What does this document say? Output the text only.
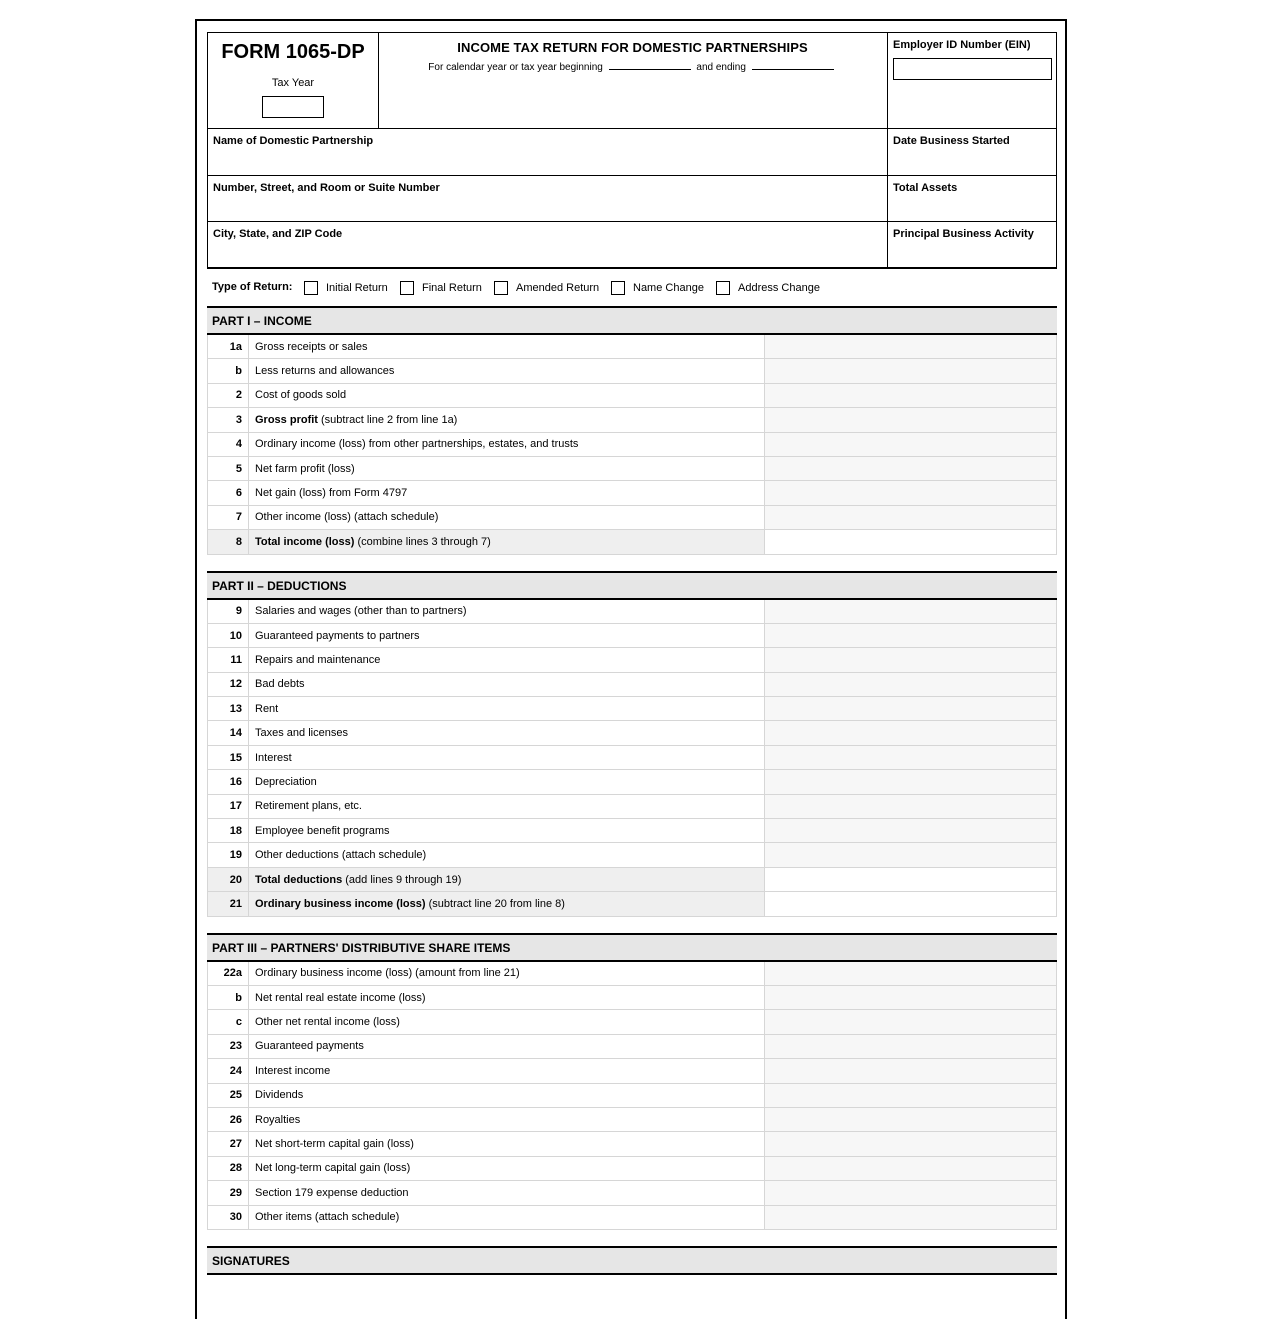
FORM 1065-DP
Tax Year
INCOME TAX RETURN FOR DOMESTIC PARTNERSHIPS
For calendar year or tax year beginning	and ending
Employer ID Number (EIN)
Date Business Started
Total Assets
Principal Business Activity
Name of Domestic Partnership
Number, Street, and Room or Suite Number
City, State, and ZIP Code
Type of Return:	Initial Return	Final Return	Amended Return	Name Change	Address Change
PART I – INCOME
1a	Gross receipts or sales	
b	Less returns and allowances	
2	Cost of goods sold	
3	Gross profit (subtract line 2 from line 1a)	
4	Ordinary income (loss) from other partnerships, estates, and trusts	
5	Net farm profit (loss)	
6	Net gain (loss) from Form 4797	
7	Other income (loss) (attach schedule)	
8	Total income (loss) (combine lines 3 through 7)	
PART II – DEDUCTIONS
9	Salaries and wages (other than to partners)	
10	Guaranteed payments to partners	
11	Repairs and maintenance	
12	Bad debts	
13	Rent	
14	Taxes and licenses	
15	Interest	
16	Depreciation	
17	Retirement plans, etc.	
18	Employee benefit programs	
19	Other deductions (attach schedule)	
20	Total deductions (add lines 9 through 19)	
21	Ordinary business income (loss) (subtract line 20 from line 8)	
PART III – PARTNERS' DISTRIBUTIVE SHARE ITEMS
22a	Ordinary business income (loss) (amount from line 21)	
b	Net rental real estate income (loss)	
c	Other net rental income (loss)	
23	Guaranteed payments	
24	Interest income	
25	Dividends	
26	Royalties	
27	Net short-term capital gain (loss)	
28	Net long-term capital gain (loss)	
29	Section 179 expense deduction	
30	Other items (attach schedule)	
SIGNATURES
